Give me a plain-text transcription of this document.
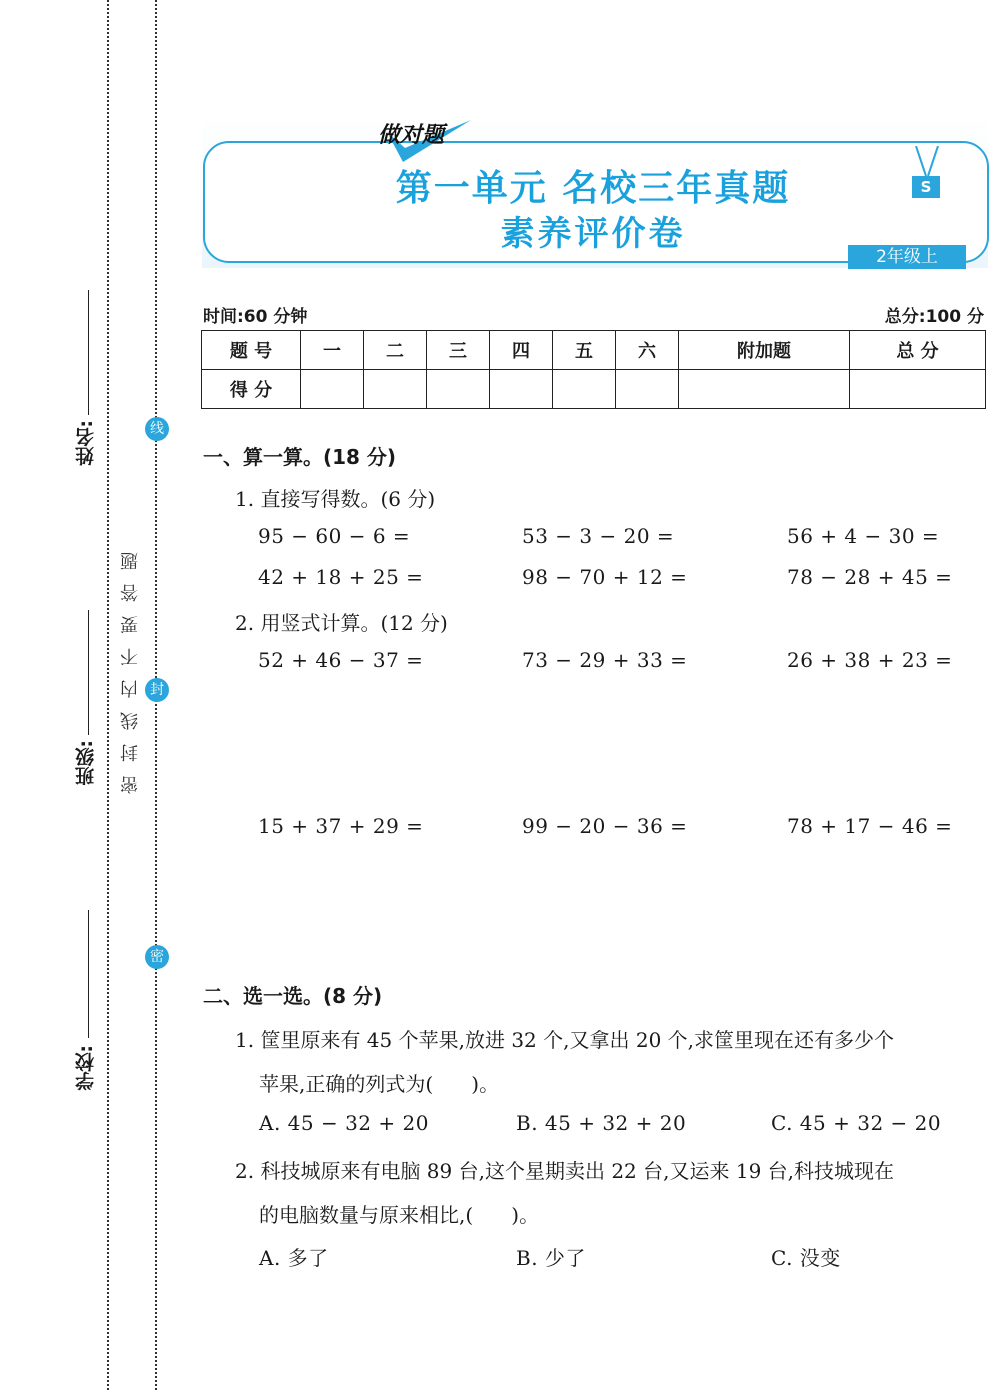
姓名:
班级:
学校:
密封线内不要答题
线
封
密
做对题
S
第一单元 名校三年真题
素养评价卷
2年级上
时间:60 分钟	总分:100 分
题 号	一	二	三	四	五	六	附加题	总 分
得 分								
一、算一算。(18 分)
1. 直接写得数。(6 分)
95 − 60 − 6 =	53 − 3 − 20 =	56 + 4 − 30 =
42 + 18 + 25 =	98 − 70 + 12 =	78 − 28 + 45 =
2. 用竖式计算。(12 分)
52 + 46 − 37 =	73 − 29 + 33 =	26 + 38 + 23 =
15 + 37 + 29 =	99 − 20 − 36 =	78 + 17 − 46 =
二、选一选。(8 分)
1. 筐里原来有 45 个苹果,放进 32 个,又拿出 20 个,求筐里现在还有多少个
苹果,正确的列式为(      )。
A. 45 − 32 + 20	B. 45 + 32 + 20	C. 45 + 32 − 20
2. 科技城原来有电脑 89 台,这个星期卖出 22 台,又运来 19 台,科技城现在
的电脑数量与原来相比,(      )。
A. 多了	B. 少了	C. 没变
